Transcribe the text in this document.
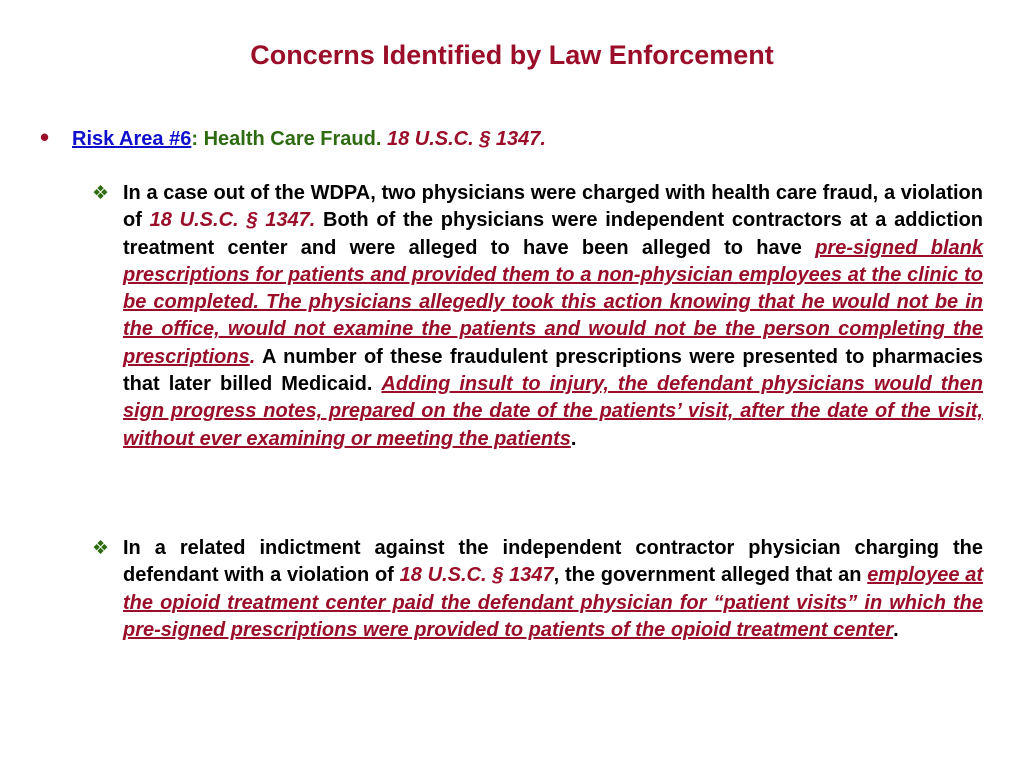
Concerns Identified by Law Enforcement
• Risk Area #6: Health Care Fraud. 18 U.S.C. § 1347.
❖ In a case out of the WDPA, two physicians were charged with health care fraud, a violation of 18 U.S.C. § 1347. Both of the physicians were independent contractors at a addiction treatment center and were alleged to have been alleged to have pre-signed blank prescriptions for patients and provided them to a non-physician employees at the clinic to be completed. The physicians allegedly took this action knowing that he would not be in the office, would not examine the patients and would not be the person completing the prescriptions. A number of these fraudulent prescriptions were presented to pharmacies that later billed Medicaid. Adding insult to injury, the defendant physicians would then sign progress notes, prepared on the date of the patients’ visit, after the date of the visit, without ever examining or meeting the patients.
❖ In a related indictment against the independent contractor physician charging the defendant with a violation of 18 U.S.C. § 1347, the government alleged that an employee at the opioid treatment center paid the defendant physician for “patient visits” in which the pre-signed prescriptions were provided to patients of the opioid treatment center.
